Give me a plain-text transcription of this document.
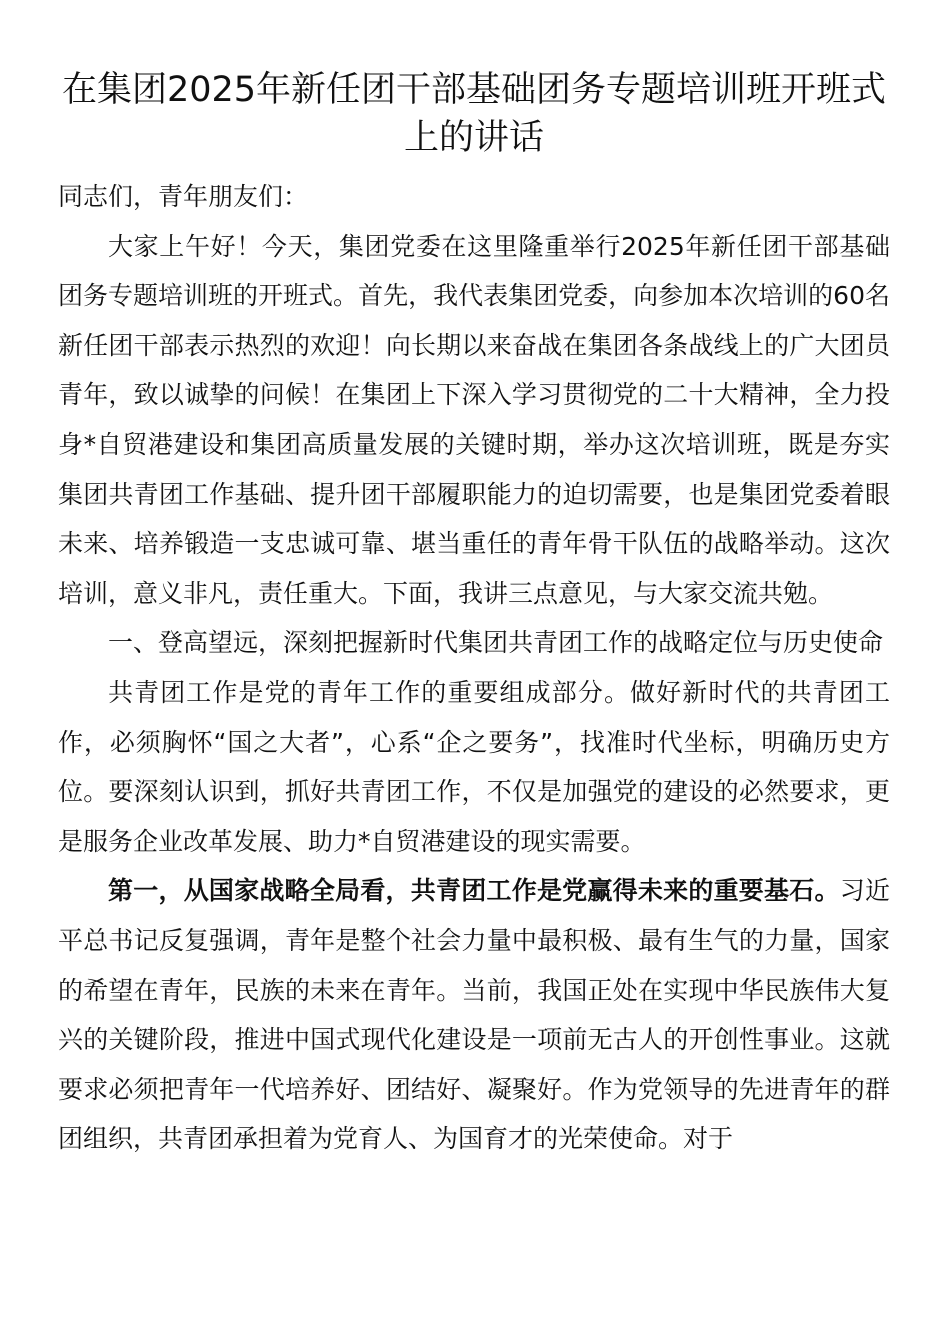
在集团2025年新任团干部基础团务专题培训班开班式上的讲话

同志们，青年朋友们：

大家上午好！今天，集团党委在这里隆重举行2025年新任团干部基础团务专题培训班的开班式。首先，我代表集团党委，向参加本次培训的60名新任团干部表示热烈的欢迎！向长期以来奋战在集团各条战线上的广大团员青年，致以诚挚的问候！在集团上下深入学习贯彻党的二十大精神，全力投身*自贸港建设和集团高质量发展的关键时期，举办这次培训班，既是夯实集团共青团工作基础、提升团干部履职能力的迫切需要，也是集团党委着眼未来、培养锻造一支忠诚可靠、堪当重任的青年骨干队伍的战略举动。这次培训，意义非凡，责任重大。下面，我讲三点意见，与大家交流共勉。

一、登高望远，深刻把握新时代集团共青团工作的战略定位与历史使命

共青团工作是党的青年工作的重要组成部分。做好新时代的共青团工作，必须胸怀“国之大者”，心系“企之要务”，找准时代坐标，明确历史方位。要深刻认识到，抓好共青团工作，不仅是加强党的建设的必然要求，更是服务企业改革发展、助力*自贸港建设的现实需要。

第一，从国家战略全局看，共青团工作是党赢得未来的重要基石。习近平总书记反复强调，青年是整个社会力量中最积极、最有生气的力量，国家的希望在青年，民族的未来在青年。当前，我国正处在实现中华民族伟大复兴的关键阶段，推进中国式现代化建设是一项前无古人的开创性事业。这就要求必须把青年一代培养好、团结好、凝聚好。作为党领导的先进青年的群团组织，共青团承担着为党育人、为国育才的光荣使命。对于
